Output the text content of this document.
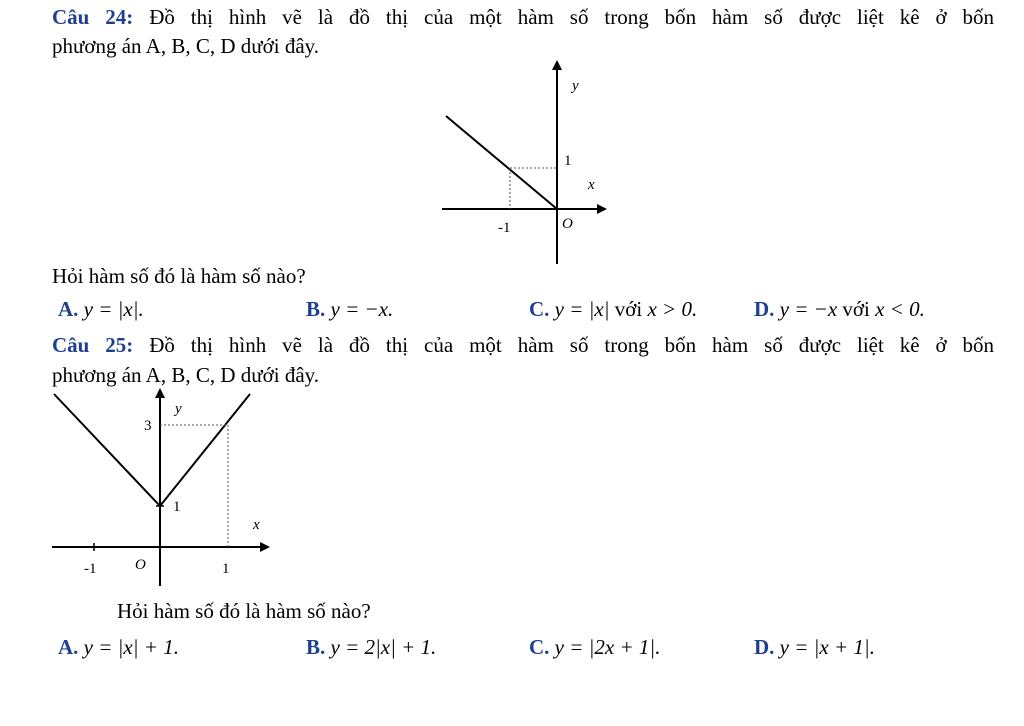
Câu 24: Đồ thị hình vẽ là đồ thị của một hàm số trong bốn hàm số được liệt kê ở bốn
phương án A, B, C, D dưới đây.
y
x
O
1
-1
Hỏi hàm số đó là hàm số nào?
A. y = |x|.	B. y = −x.	C. y = |x| với x > 0.	D. y = −x với x < 0.
Câu 25: Đồ thị hình vẽ là đồ thị của một hàm số trong bốn hàm số được liệt kê ở bốn
phương án A, B, C, D dưới đây.
y
x
O
3
1
-1	1
Hỏi hàm số đó là hàm số nào?
A. y = |x| + 1.	B. y = 2|x| + 1.	C. y = |2x + 1|.	D. y = |x + 1|.
